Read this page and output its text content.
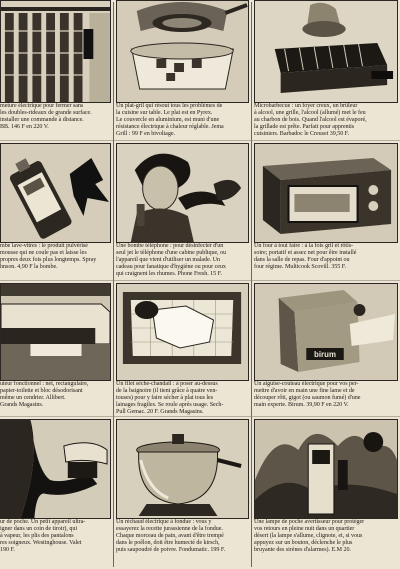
meture électrique pour fermer sans
les doubles-rideaux de grande surface.
installer une commande à distance.
BB. 146 F en 220 V.
Un plat-gril qui résout tous les problèmes de
la cuisine sur table. Le plat est en Pyrex.
Le couvercle en aluminium, est muni d'une
résistance électrique à chaleur réglable. Jema
Grill : 99 F en bivoltage.
Microbarbecue : un foyer creux, un brûleur
à alcool, une grille, l'alcool (allumé) met le feu
au charbon de bois. Quand l'alcool est évaporé,
la grillade est prête. Parfait pour apprentis
cuisiniers. Barbadoc le Creuset 39,50 F.
mbe lave-vitres : le produit pulvérisé
mousse qui ne coule pas et laisse les
propres deux fois plus longtemps. Spray
hnson. 4,90 F la bombe.
Une bombe téléphone : pour désinfecter d'un
seul jet le téléphone d'une cabine publique, ou
l'appareil que vient d'utiliser un malade. Un
cadeau pour fanatique d'hygiène ou pour ceux
qui craignent les rhumes. Phone Fresh. 15 F.
Un four à tout faire : à la fois gril et rôtis-
soire; portatif et assez net pour être installé
dans la salle de repas. Four d'appoint ou
four régime. Multicook Scovill. 355 F.
uteur fonctionnel : net, rectangulaire,
papier-toilette et bloc désodorisant
même un cendrier. Allibert.
Grands Magasins.
Un filet sèche-chandail : à poser au-dessus
de la baignoire (il tient grâce à quatre ven-
touses) pour y faire sécher à plat tous les
lainages fragiles. Se roule après usage. Sech-
Pull Gemac. 20 F. Grands Magasins.
birum
Un aiguise-couteau électrique pour vos per-
mettre d'avoir en main une fine lame et de
découper rôti, gigot (ou saumon fumé) d'une
main experte. Birum. 39,90 F en 220 V.
ur de poche. Un petit appareil ultra-
igner dans un coin de tiroir), qui
à vapeur, les plis des pantalons
res soigneux. Westinghouse. Valet
190 F.
Un réchaud électrique à fondue : vous y
essayerez la recette jurassienne de la fondue.
Chaque morceau de pain, avant d'être trempé
dans le poêlon, doit être humecté de kirsch,
puis saupoudré de poivre. Fondumatic. 199 F.
Une lampe de poche avertisseur pour protéger
vos retours en pleine nuit dans un quartier
désert (la lampe s'allume, clignote, et, si vous
appuyez sur un bouton, déclenche le plus
bruyante des sirènes d'alarmes). E.M 20.
